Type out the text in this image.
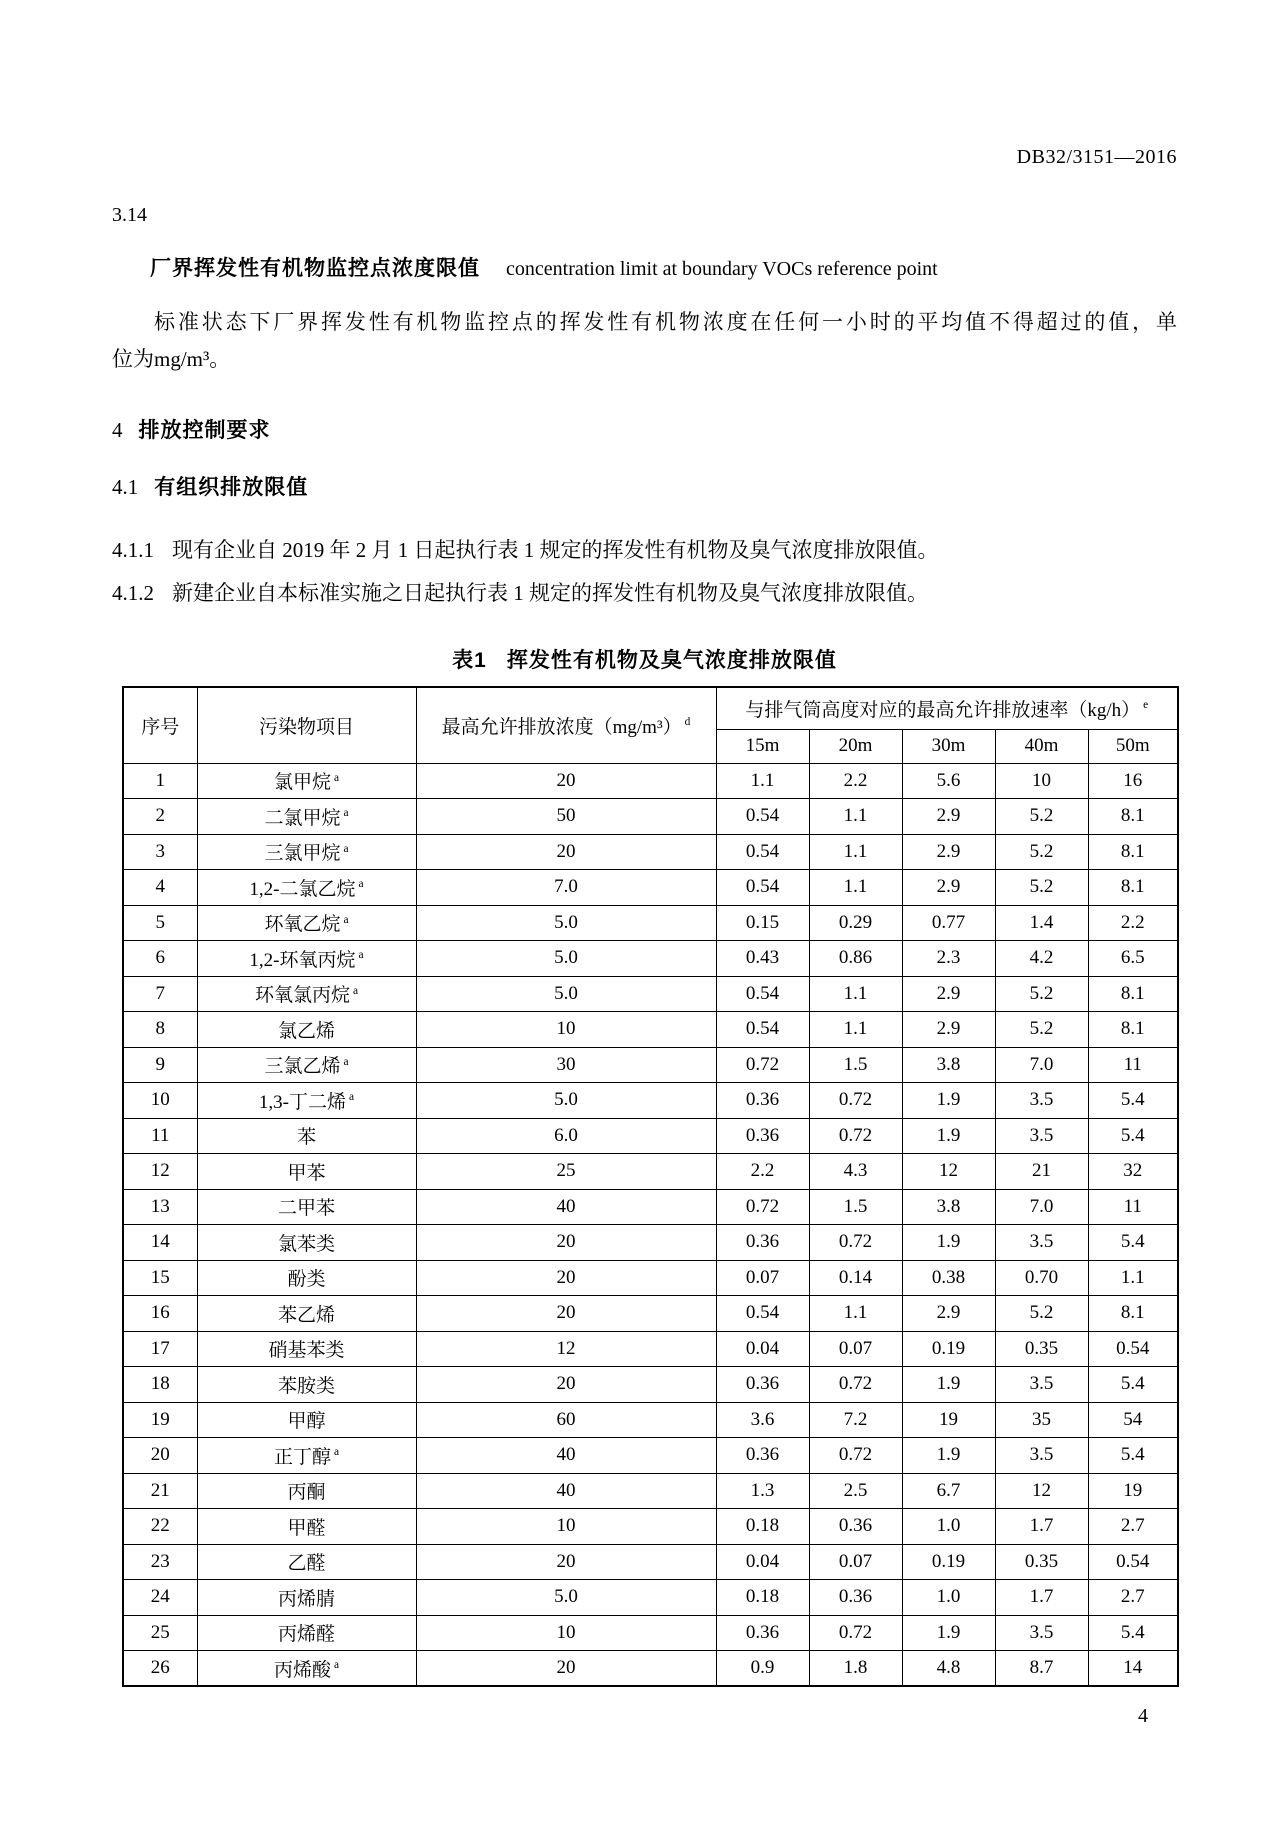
DB32/3151—2016
3.14
厂界挥发性有机物监控点浓度限值 concentration limit at boundary VOCs reference point
标准状态下厂界挥发性有机物监控点的挥发性有机物浓度在任何一小时的平均值不得超过的值，单
位为mg/m³。
4 排放控制要求
4.1 有组织排放限值
4.1.1 现有企业自 2019 年 2 月 1 日起执行表 1 规定的挥发性有机物及臭气浓度排放限值。
4.1.2 新建企业自本标准实施之日起执行表 1 规定的挥发性有机物及臭气浓度排放限值。
表1 挥发性有机物及臭气浓度排放限值
序号	污染物项目	最高允许排放浓度（mg/m³） $^d$	与排气筒高度对应的最高允许排放速率（kg/h） $^e$
			15m	20m	30m	40m	50m
1	氯甲烷 $^a$	20	1.1	2.2	5.6	10	16
2	二氯甲烷 $^a$	50	0.54	1.1	2.9	5.2	8.1
3	三氯甲烷 $^a$	20	0.54	1.1	2.9	5.2	8.1
4	1,2-二氯乙烷 $^a$	7.0	0.54	1.1	2.9	5.2	8.1
5	环氧乙烷 $^a$	5.0	0.15	0.29	0.77	1.4	2.2
6	1,2-环氧丙烷 $^a$	5.0	0.43	0.86	2.3	4.2	6.5
7	环氧氯丙烷 $^a$	5.0	0.54	1.1	2.9	5.2	8.1
8	氯乙烯	10	0.54	1.1	2.9	5.2	8.1
9	三氯乙烯 $^a$	30	0.72	1.5	3.8	7.0	11
10	1,3-丁二烯 $^a$	5.0	0.36	0.72	1.9	3.5	5.4
11	苯	6.0	0.36	0.72	1.9	3.5	5.4
12	甲苯	25	2.2	4.3	12	21	32
13	二甲苯	40	0.72	1.5	3.8	7.0	11
14	氯苯类	20	0.36	0.72	1.9	3.5	5.4
15	酚类	20	0.07	0.14	0.38	0.70	1.1
16	苯乙烯	20	0.54	1.1	2.9	5.2	8.1
17	硝基苯类	12	0.04	0.07	0.19	0.35	0.54
18	苯胺类	20	0.36	0.72	1.9	3.5	5.4
19	甲醇	60	3.6	7.2	19	35	54
20	正丁醇 $^a$	40	0.36	0.72	1.9	3.5	5.4
21	丙酮	40	1.3	2.5	6.7	12	19
22	甲醛	10	0.18	0.36	1.0	1.7	2.7
23	乙醛	20	0.04	0.07	0.19	0.35	0.54
24	丙烯腈	5.0	0.18	0.36	1.0	1.7	2.7
25	丙烯醛	10	0.36	0.72	1.9	3.5	5.4
26	丙烯酸 $^a$	20	0.9	1.8	4.8	8.7	14
4
